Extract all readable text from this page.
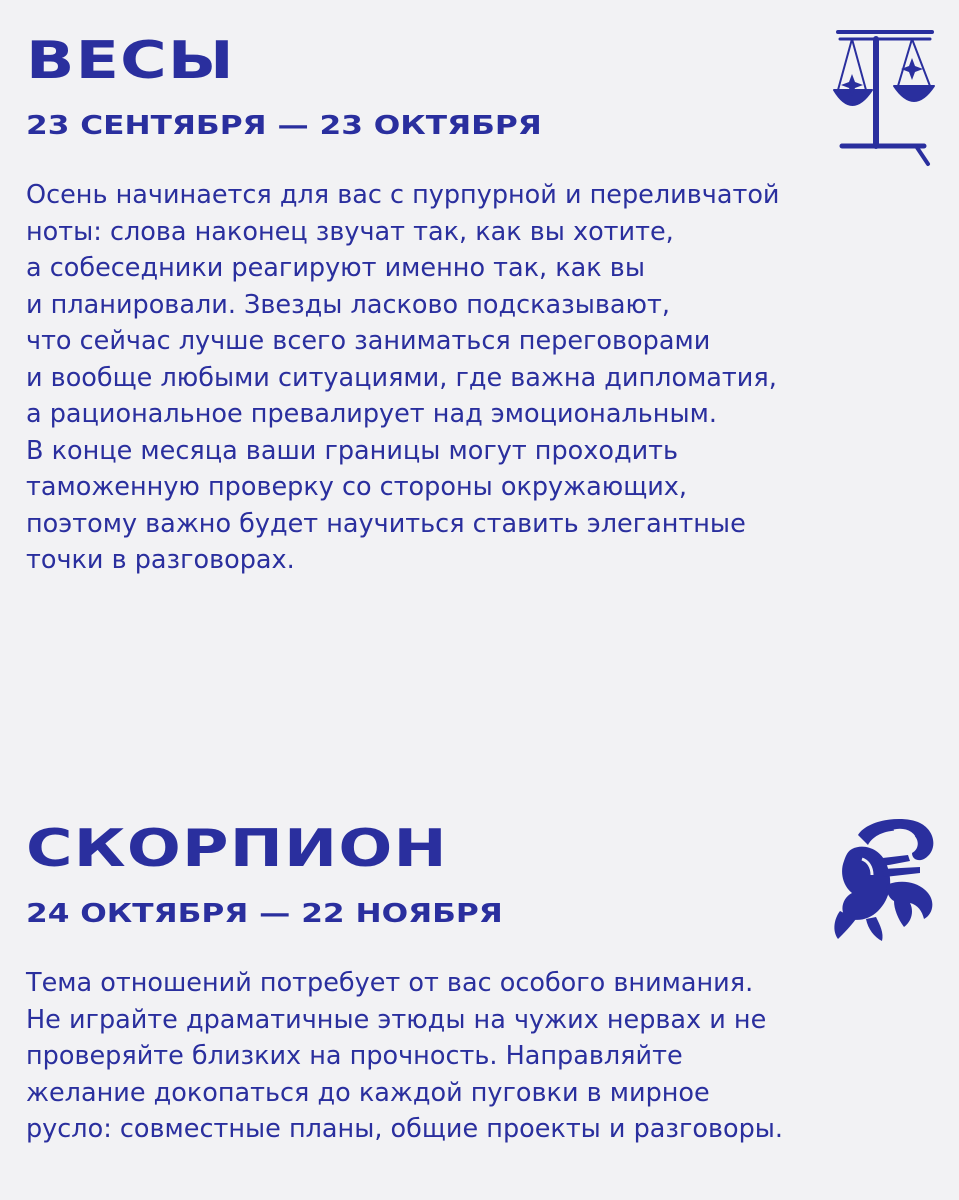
ВЕСЫ
23 СЕНТЯБРЯ — 23 ОКТЯБРЯ

Осень начинается для вас с пурпурной и переливчатой
ноты: слова наконец звучат так, как вы хотите,
а собеседники реагируют именно так, как вы
и планировали. Звезды ласково подсказывают,
что сейчас лучше всего заниматься переговорами
и вообще любыми ситуациями, где важна дипломатия,
а рациональное превалирует над эмоциональным.
В конце месяца ваши границы могут проходить
таможенную проверку со стороны окружающих,
поэтому важно будет научиться ставить элегантные
точки в разговорах.

СКОРПИОН
24 ОКТЯБРЯ — 22 НОЯБРЯ

Тема отношений потребует от вас особого внимания.
Не играйте драматичные этюды на чужих нервах и не
проверяйте близких на прочность. Направляйте
желание докопаться до каждой пуговки в мирное
русло: совместные планы, общие проекты и разговоры.
